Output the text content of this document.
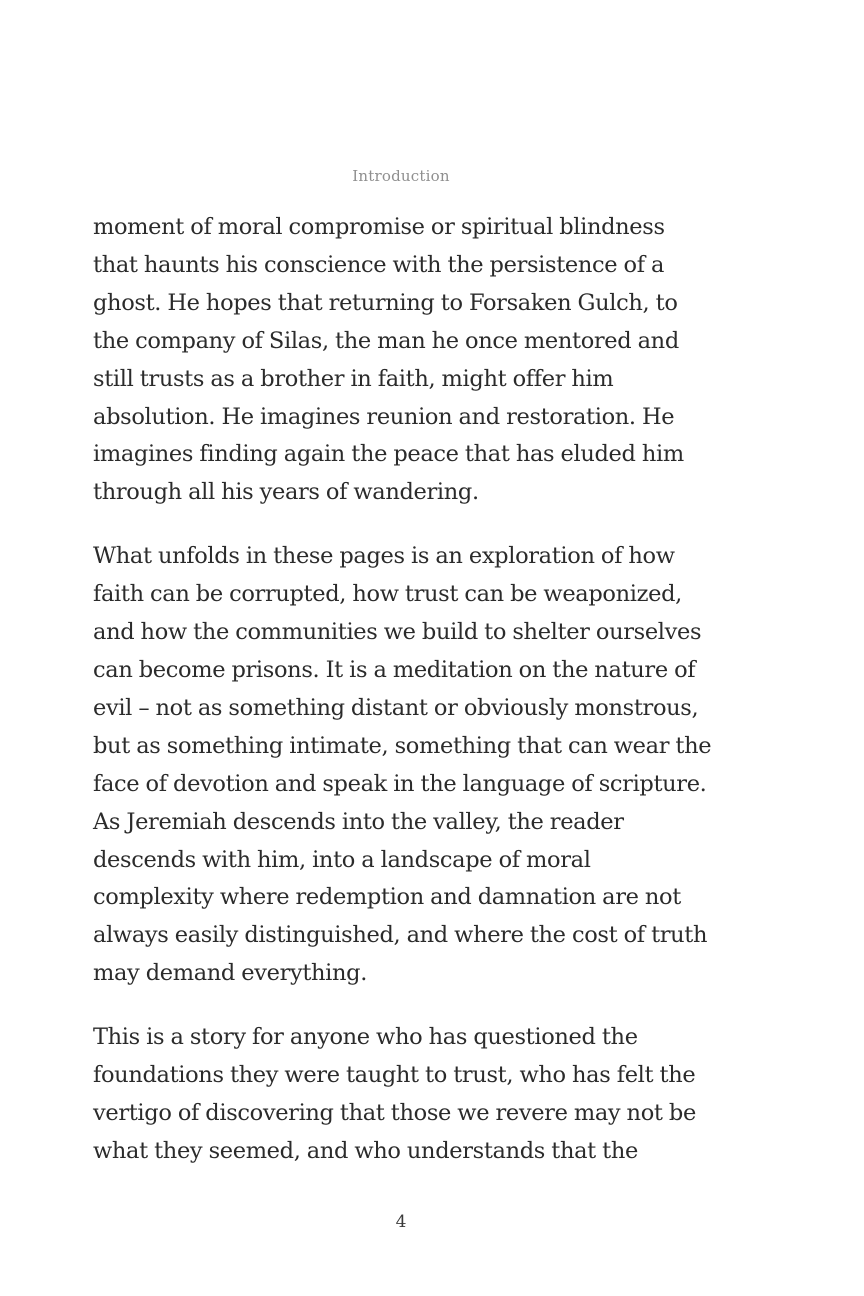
Introduction

moment of moral compromise or spiritual blindness
that haunts his conscience with the persistence of a
ghost. He hopes that returning to Forsaken Gulch, to
the company of Silas, the man he once mentored and
still trusts as a brother in faith, might offer him
absolution. He imagines reunion and restoration. He
imagines finding again the peace that has eluded him
through all his years of wandering.

What unfolds in these pages is an exploration of how
faith can be corrupted, how trust can be weaponized,
and how the communities we build to shelter ourselves
can become prisons. It is a meditation on the nature of
evil – not as something distant or obviously monstrous,
but as something intimate, something that can wear the
face of devotion and speak in the language of scripture.
As Jeremiah descends into the valley, the reader
descends with him, into a landscape of moral
complexity where redemption and damnation are not
always easily distinguished, and where the cost of truth
may demand everything.

This is a story for anyone who has questioned the
foundations they were taught to trust, who has felt the
vertigo of discovering that those we revere may not be
what they seemed, and who understands that the

4
